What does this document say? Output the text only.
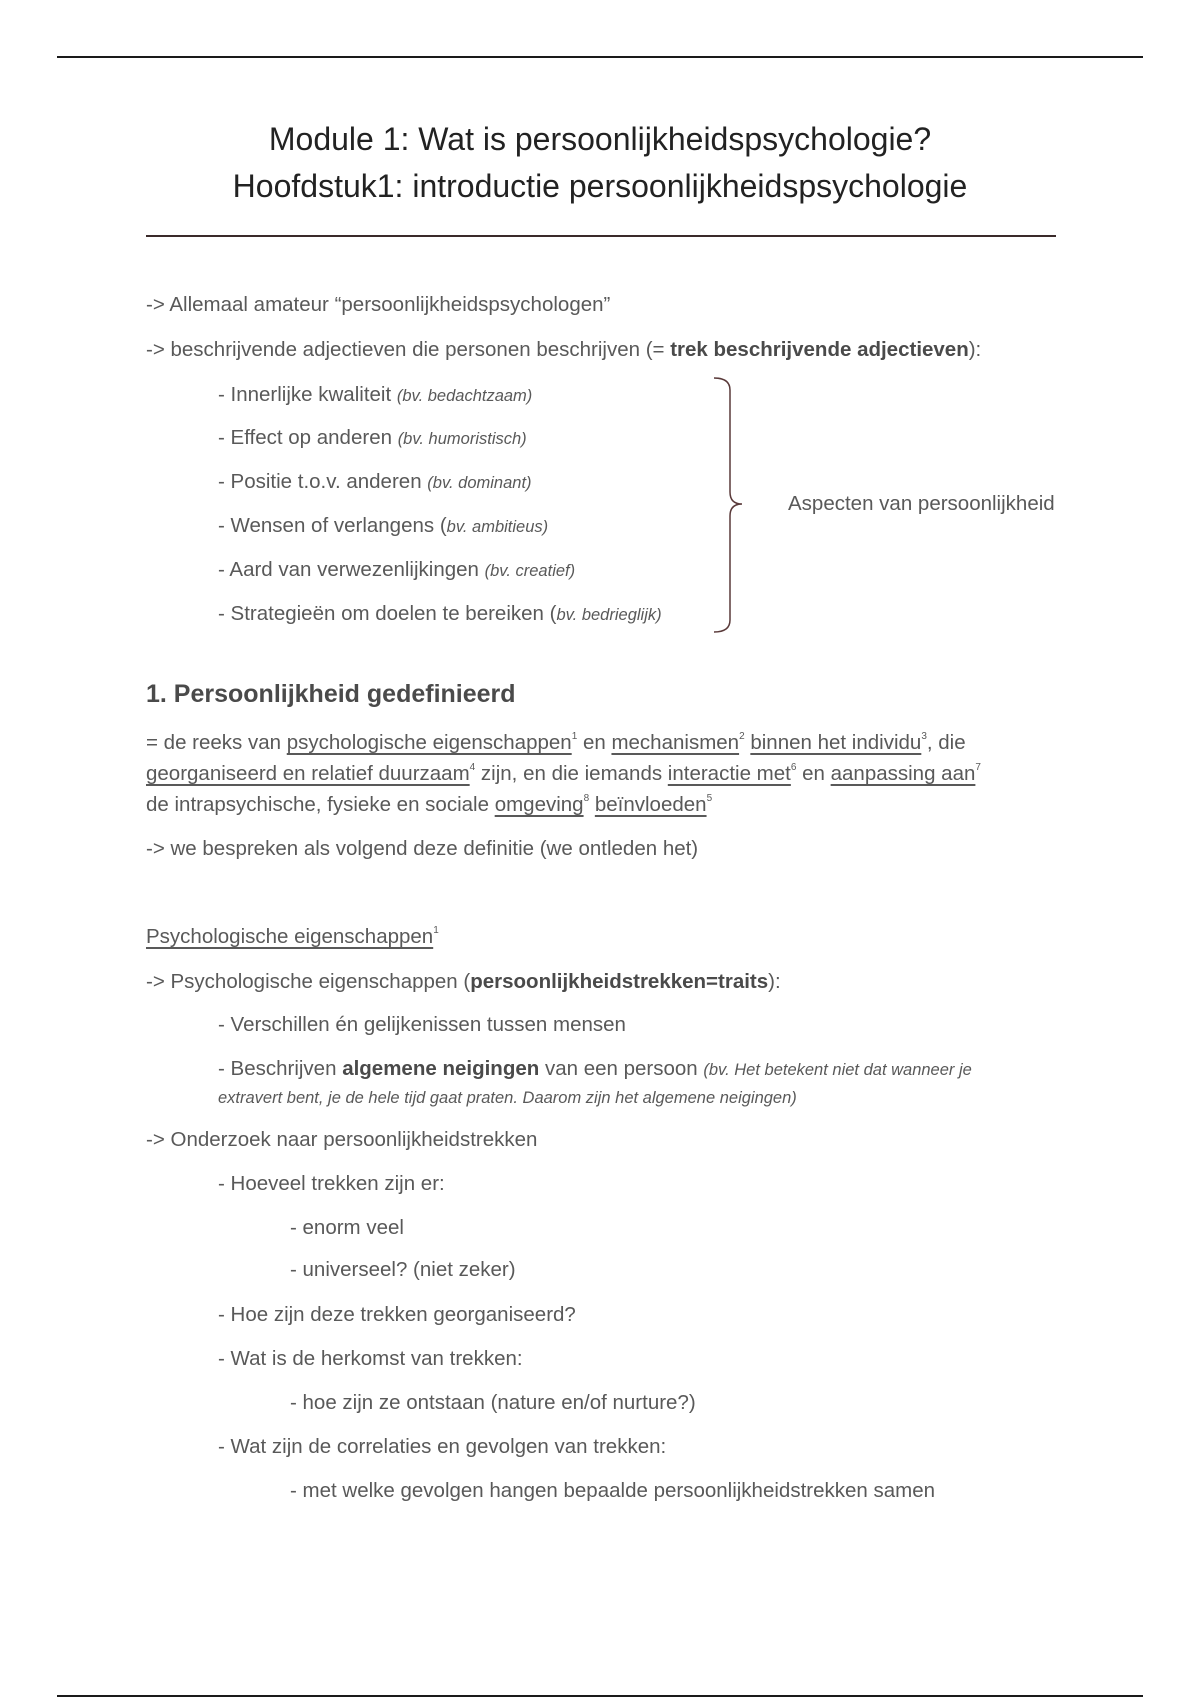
Module 1: Wat is persoonlijkheidspsychologie?
Hoofdstuk1: introductie persoonlijkheidspsychologie
-> Allemaal amateur “persoonlijkheidspsychologen”
-> beschrijvende adjectieven die personen beschrijven (= trek beschrijvende adjectieven):
- Innerlijke kwaliteit (bv. bedachtzaam)
- Effect op anderen (bv. humoristisch)
- Positie t.o.v. anderen (bv. dominant)
- Wensen of verlangens (bv. ambitieus)
- Aard van verwezenlijkingen (bv. creatief)
- Strategieën om doelen te bereiken (bv. bedrieglijk)
Aspecten van persoonlijkheid
1. Persoonlijkheid gedefinieerd
= de reeks van psychologische eigenschappen$^1$ en mechanismen$^2$ binnen het individu$^3$, die
georganiseerd en relatief duurzaam$^4$ zijn, en die iemands interactie met$^6$ en aanpassing aan$^7$
de intrapsychische, fysieke en sociale omgeving$^8$ beïnvloeden$^5$
-> we bespreken als volgend deze definitie (we ontleden het)
Psychologische eigenschappen$^1$
-> Psychologische eigenschappen (persoonlijkheidstrekken=traits):
- Verschillen én gelijkenissen tussen mensen
- Beschrijven algemene neigingen van een persoon (bv. Het betekent niet dat wanneer je
extravert bent, je de hele tijd gaat praten. Daarom zijn het algemene neigingen)
-> Onderzoek naar persoonlijkheidstrekken
- Hoeveel trekken zijn er:
- enorm veel
- universeel? (niet zeker)
- Hoe zijn deze trekken georganiseerd?
- Wat is de herkomst van trekken:
- hoe zijn ze ontstaan (nature en/of nurture?)
- Wat zijn de correlaties en gevolgen van trekken:
- met welke gevolgen hangen bepaalde persoonlijkheidstrekken samen
